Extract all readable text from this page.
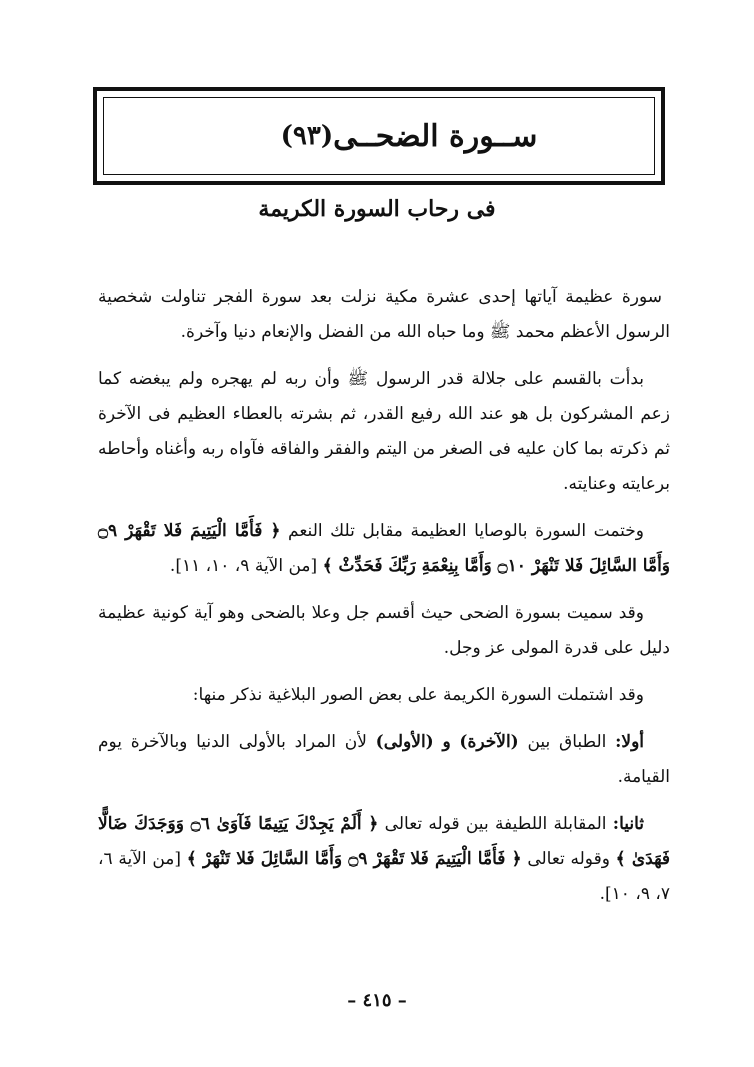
ســورة الضحــى
(٩٣)
فى رحاب السورة الكريمة

سورة عظيمة آياتها إحدى عشرة مكية نزلت بعد سورة الفجر تناولت شخصية الرسول الأعظم محمد ﷺ وما حباه الله من الفضل والإنعام دنيا وآخرة.

بدأت بالقسم على جلالة قدر الرسول ﷺ وأن ربه لم يهجره ولم يبغضه كما زعم المشركون بل هو عند الله رفيع القدر، ثم بشرته بالعطاء العظيم فى الآخرة ثم ذكرته بما كان عليه فى الصغر من اليتم والفقر والفاقه فآواه ربه وأغناه وأحاطه برعايته وعنايته.

وختمت السورة بالوصايا العظيمة مقابل تلك النعم ﴿ فَأَمَّا الْيَتِيمَ فَلا تَقْهَرْ ۝٩ وَأَمَّا السَّائِلَ فَلا تَنْهَرْ ۝١٠ وَأَمَّا بِنِعْمَةِ رَبِّكَ فَحَدِّثْ ﴾ [من الآية ٩، ١٠، ١١].

وقد سميت بسورة الضحى حيث أقسم جل وعلا بالضحى وهو آية كونية عظيمة دليل على قدرة المولى عز وجل.

وقد اشتملت السورة الكريمة على بعض الصور البلاغية نذكر منها:

أولا: الطباق بين (الآخرة) و (الأولى) لأن المراد بالأولى الدنيا وبالآخرة يوم القيامة.

ثانيا: المقابلة اللطيفة بين قوله تعالى ﴿ أَلَمْ يَجِدْكَ يَتِيمًا فَآوَىٰ ۝٦ وَوَجَدَكَ ضَالًّا فَهَدَىٰ ﴾ وقوله تعالى ﴿ فَأَمَّا الْيَتِيمَ فَلا تَقْهَرْ ۝٩ وَأَمَّا السَّائِلَ فَلا تَنْهَرْ ﴾ [من الآية ٦، ٧، ٩، ١٠].

– ٤١٥ –
